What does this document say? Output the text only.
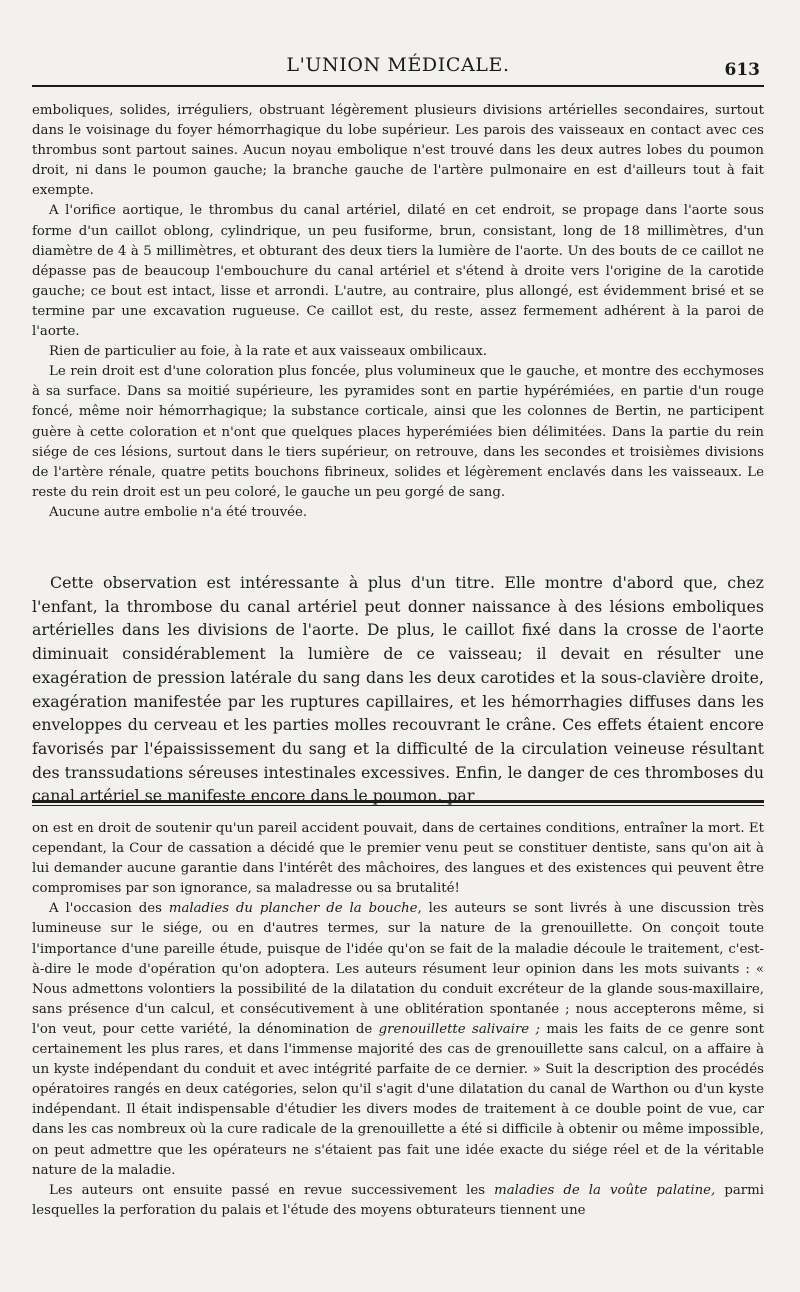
L'UNION MÉDICALE.	613

emboliques, solides, irréguliers, obstruant légèrement plusieurs divisions artérielles secondaires, surtout dans le voisinage du foyer hémorrhagique du lobe supérieur. Les parois des vaisseaux en contact avec ces thrombus sont partout saines. Aucun noyau embolique n'est trouvé dans les deux autres lobes du poumon droit, ni dans le poumon gauche; la branche gauche de l'artère pulmonaire en est d'ailleurs tout à fait exempte.

A l'orifice aortique, le thrombus du canal artériel, dilaté en cet endroit, se propage dans l'aorte sous forme d'un caillot oblong, cylindrique, un peu fusiforme, brun, consistant, long de 18 millimètres, d'un diamètre de 4 à 5 millimètres, et obturant des deux tiers la lumière de l'aorte. Un des bouts de ce caillot ne dépasse pas de beaucoup l'embouchure du canal artériel et s'étend à droite vers l'origine de la carotide gauche; ce bout est intact, lisse et arrondi. L'autre, au contraire, plus allongé, est évidemment brisé et se termine par une excavation rugueuse. Ce caillot est, du reste, assez fermement adhérent à la paroi de l'aorte.

Rien de particulier au foie, à la rate et aux vaisseaux ombilicaux.

Le rein droit est d'une coloration plus foncée, plus volumineux que le gauche, et montre des ecchymoses à sa surface. Dans sa moitié supérieure, les pyramides sont en partie hypérémiées, en partie d'un rouge foncé, même noir hémorrhagique; la substance corticale, ainsi que les colonnes de Bertin, ne participent guère à cette coloration et n'ont que quelques places hyperémiées bien délimitées. Dans la partie du rein siége de ces lésions, surtout dans le tiers supérieur, on retrouve, dans les secondes et troisièmes divisions de l'artère rénale, quatre petits bouchons fibrineux, solides et légèrement enclavés dans les vaisseaux. Le reste du rein droit est un peu coloré, le gauche un peu gorgé de sang.

Aucune autre embolie n'a été trouvée.

Cette observation est intéressante à plus d'un titre. Elle montre d'abord que, chez l'enfant, la thrombose du canal artériel peut donner naissance à des lésions emboliques artérielles dans les divisions de l'aorte. De plus, le caillot fixé dans la crosse de l'aorte diminuait considérablement la lumière de ce vaisseau; il devait en résulter une exagération de pression latérale du sang dans les deux carotides et la sous-clavière droite, exagération manifestée par les ruptures capillaires, et les hémorrhagies diffuses dans les enveloppes du cerveau et les parties molles recouvrant le crâne. Ces effets étaient encore favorisés par l'épaississement du sang et la difficulté de la circulation veineuse résultant des transsudations séreuses intestinales excessives. Enfin, le danger de ces thromboses du canal artériel se manifeste encore dans le poumon, par

on est en droit de soutenir qu'un pareil accident pouvait, dans de certaines conditions, entraîner la mort. Et cependant, la Cour de cassation a décidé que le premier venu peut se constituer dentiste, sans qu'on ait à lui demander aucune garantie dans l'intérêt des mâchoires, des langues et des existences qui peuvent être compromises par son ignorance, sa maladresse ou sa brutalité!

A l'occasion des maladies du plancher de la bouche, les auteurs se sont livrés à une discussion très lumineuse sur le siége, ou en d'autres termes, sur la nature de la grenouillette. On conçoit toute l'importance d'une pareille étude, puisque de l'idée qu'on se fait de la maladie découle le traitement, c'est-à-dire le mode d'opération qu'on adoptera. Les auteurs résument leur opinion dans les mots suivants : « Nous admettons volontiers la possibilité de la dilatation du conduit excréteur de la glande sous-maxillaire, sans présence d'un calcul, et consécutivement à une oblitération spontanée ; nous accepterons même, si l'on veut, pour cette variété, la dénomination de grenouillette salivaire ; mais les faits de ce genre sont certainement les plus rares, et dans l'immense majorité des cas de grenouillette sans calcul, on a affaire à un kyste indépendant du conduit et avec intégrité parfaite de ce dernier. » Suit la description des procédés opératoires rangés en deux catégories, selon qu'il s'agit d'une dilatation du canal de Warthon ou d'un kyste indépendant. Il était indispensable d'étudier les divers modes de traitement à ce double point de vue, car dans les cas nombreux où la cure radicale de la grenouillette a été si difficile à obtenir ou même impossible, on peut admettre que les opérateurs ne s'étaient pas fait une idée exacte du siége réel et de la véritable nature de la maladie.

Les auteurs ont ensuite passé en revue successivement les maladies de la voûte palatine, parmi lesquelles la perforation du palais et l'étude des moyens obturateurs tiennent une
